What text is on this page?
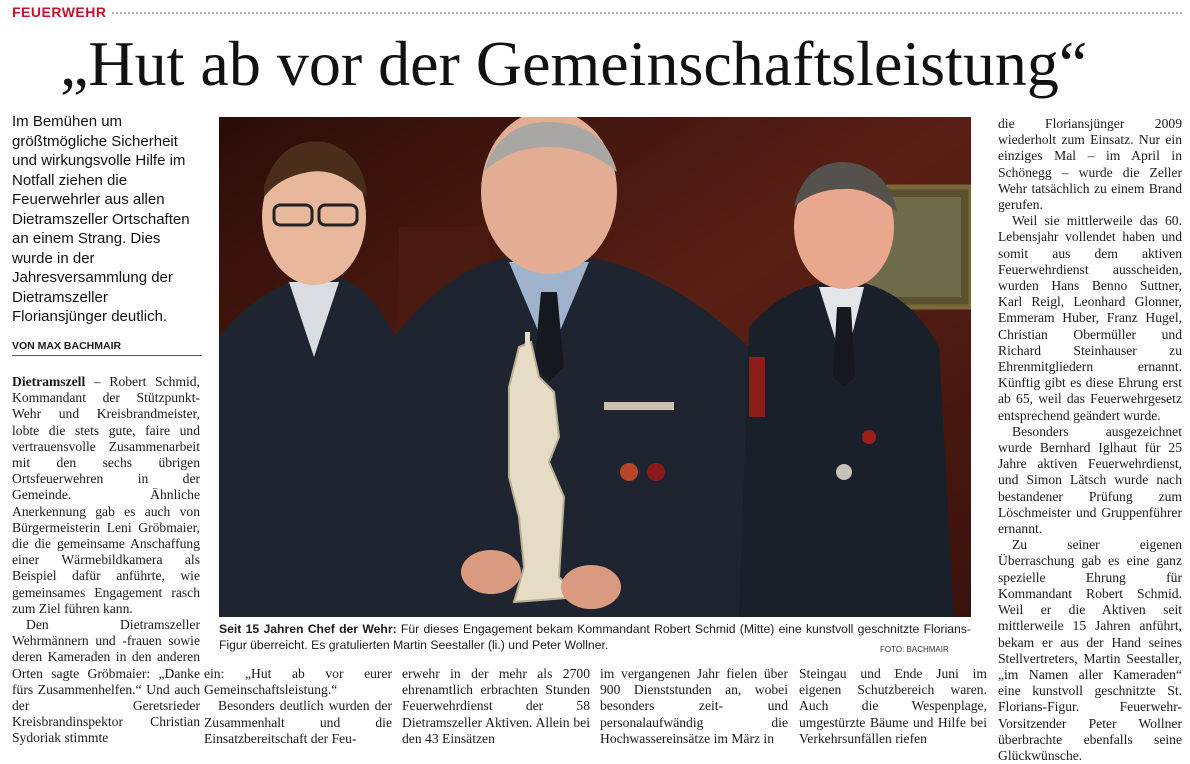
FEUERWEHR
„Hut ab vor der Gemeinschaftsleistung“
Im Bemühen um größtmögliche Sicherheit und wirkungsvolle Hilfe im Notfall ziehen die Feuerwehrler aus allen Dietramszeller Ortschaften an einem Strang. Dies wurde in der Jahresversammlung der Dietramszeller Floriansjünger deutlich.
VON MAX BACHMAIR

Dietramszell – Robert Schmid, Kommandant der Stützpunkt-Wehr und Kreisbrandmeister, lobte die stets gute, faire und vertrauensvolle Zusammenarbeit mit den sechs übrigen Ortsfeuerwehren in der Gemeinde. Ähnliche Anerkennung gab es auch von Bürgermeisterin Leni Gröbmaier, die die gemeinsame Anschaffung einer Wärmebildkamera als Beispiel dafür anführte, wie gemeinsames Engagement rasch zum Ziel führen kann.

Den Dietramszeller Wehrmännern und -frauen sowie deren Kameraden in den anderen Orten sagte Gröbmaier: „Danke fürs Zusammenhelfen.“ Und auch der Geretsrieder Kreisbrandinspektor Christian Sydoriak stimmte

Seit 15 Jahren Chef der Wehr: Für dieses Engagement bekam Kommandant Robert Schmid (Mitte) eine kunstvoll geschnitzte Florians-Figur überreicht. Es gratulierten Martin Seestaller (li.) und Peter Wollner.	FOTO: BACHMAIR

die Floriansjünger 2009 wiederholt zum Einsatz. Nur ein einziges Mal – im April in Schönegg – wurde die Zeller Wehr tatsächlich zu einem Brand gerufen.

Weil sie mittlerweile das 60. Lebensjahr vollendet haben und somit aus dem aktiven Feuerwehrdienst ausscheiden, wurden Hans Benno Suttner, Karl Reigl, Leonhard Glonner, Emmeram Huber, Franz Hugel, Christian Obermüller und Richard Steinhauser zu Ehrenmitgliedern ernannt. Künftig gibt es diese Ehrung erst ab 65, weil das Feuerwehrgesetz entsprechend geändert wurde.

Besonders ausgezeichnet wurde Bernhard Iglhaut für 25 Jahre aktiven Feuerwehrdienst, und Simon Lätsch wurde nach bestandener Prüfung zum Löschmeister und Gruppenführer ernannt.

Zu seiner eigenen Überraschung gab es eine ganz spezielle Ehrung für Kommandant Robert Schmid. Weil er die Aktiven seit mittlerweile 15 Jahren anführt, bekam er aus der Hand seines Stellvertreters, Martin Seestaller, „im Namen aller Kameraden“ eine kunstvoll geschnitzte St. Florians-Figur. Feuerwehr-Vorsitzender Peter Wollner überbrachte ebenfalls seine Glückwünsche.

ein: „Hut ab vor eurer Gemeinschaftsleistung.“

Besonders deutlich wurden der Zusammenhalt und die Einsatzbereitschaft der Feu-

erwehr in der mehr als 2700 ehrenamtlich erbrachten Stunden Feuerwehrdienst der 58 Dietramszeller Aktiven. Allein bei den 43 Einsätzen

im vergangenen Jahr fielen über 900 Dienststunden an, wobei besonders zeit- und personalaufwändig die Hochwassereinsätze im März in

Steingau und Ende Juni im eigenen Schutzbereich waren. Auch die Wespenplage, umgestürzte Bäume und Hilfe bei Verkehrsunfällen riefen
